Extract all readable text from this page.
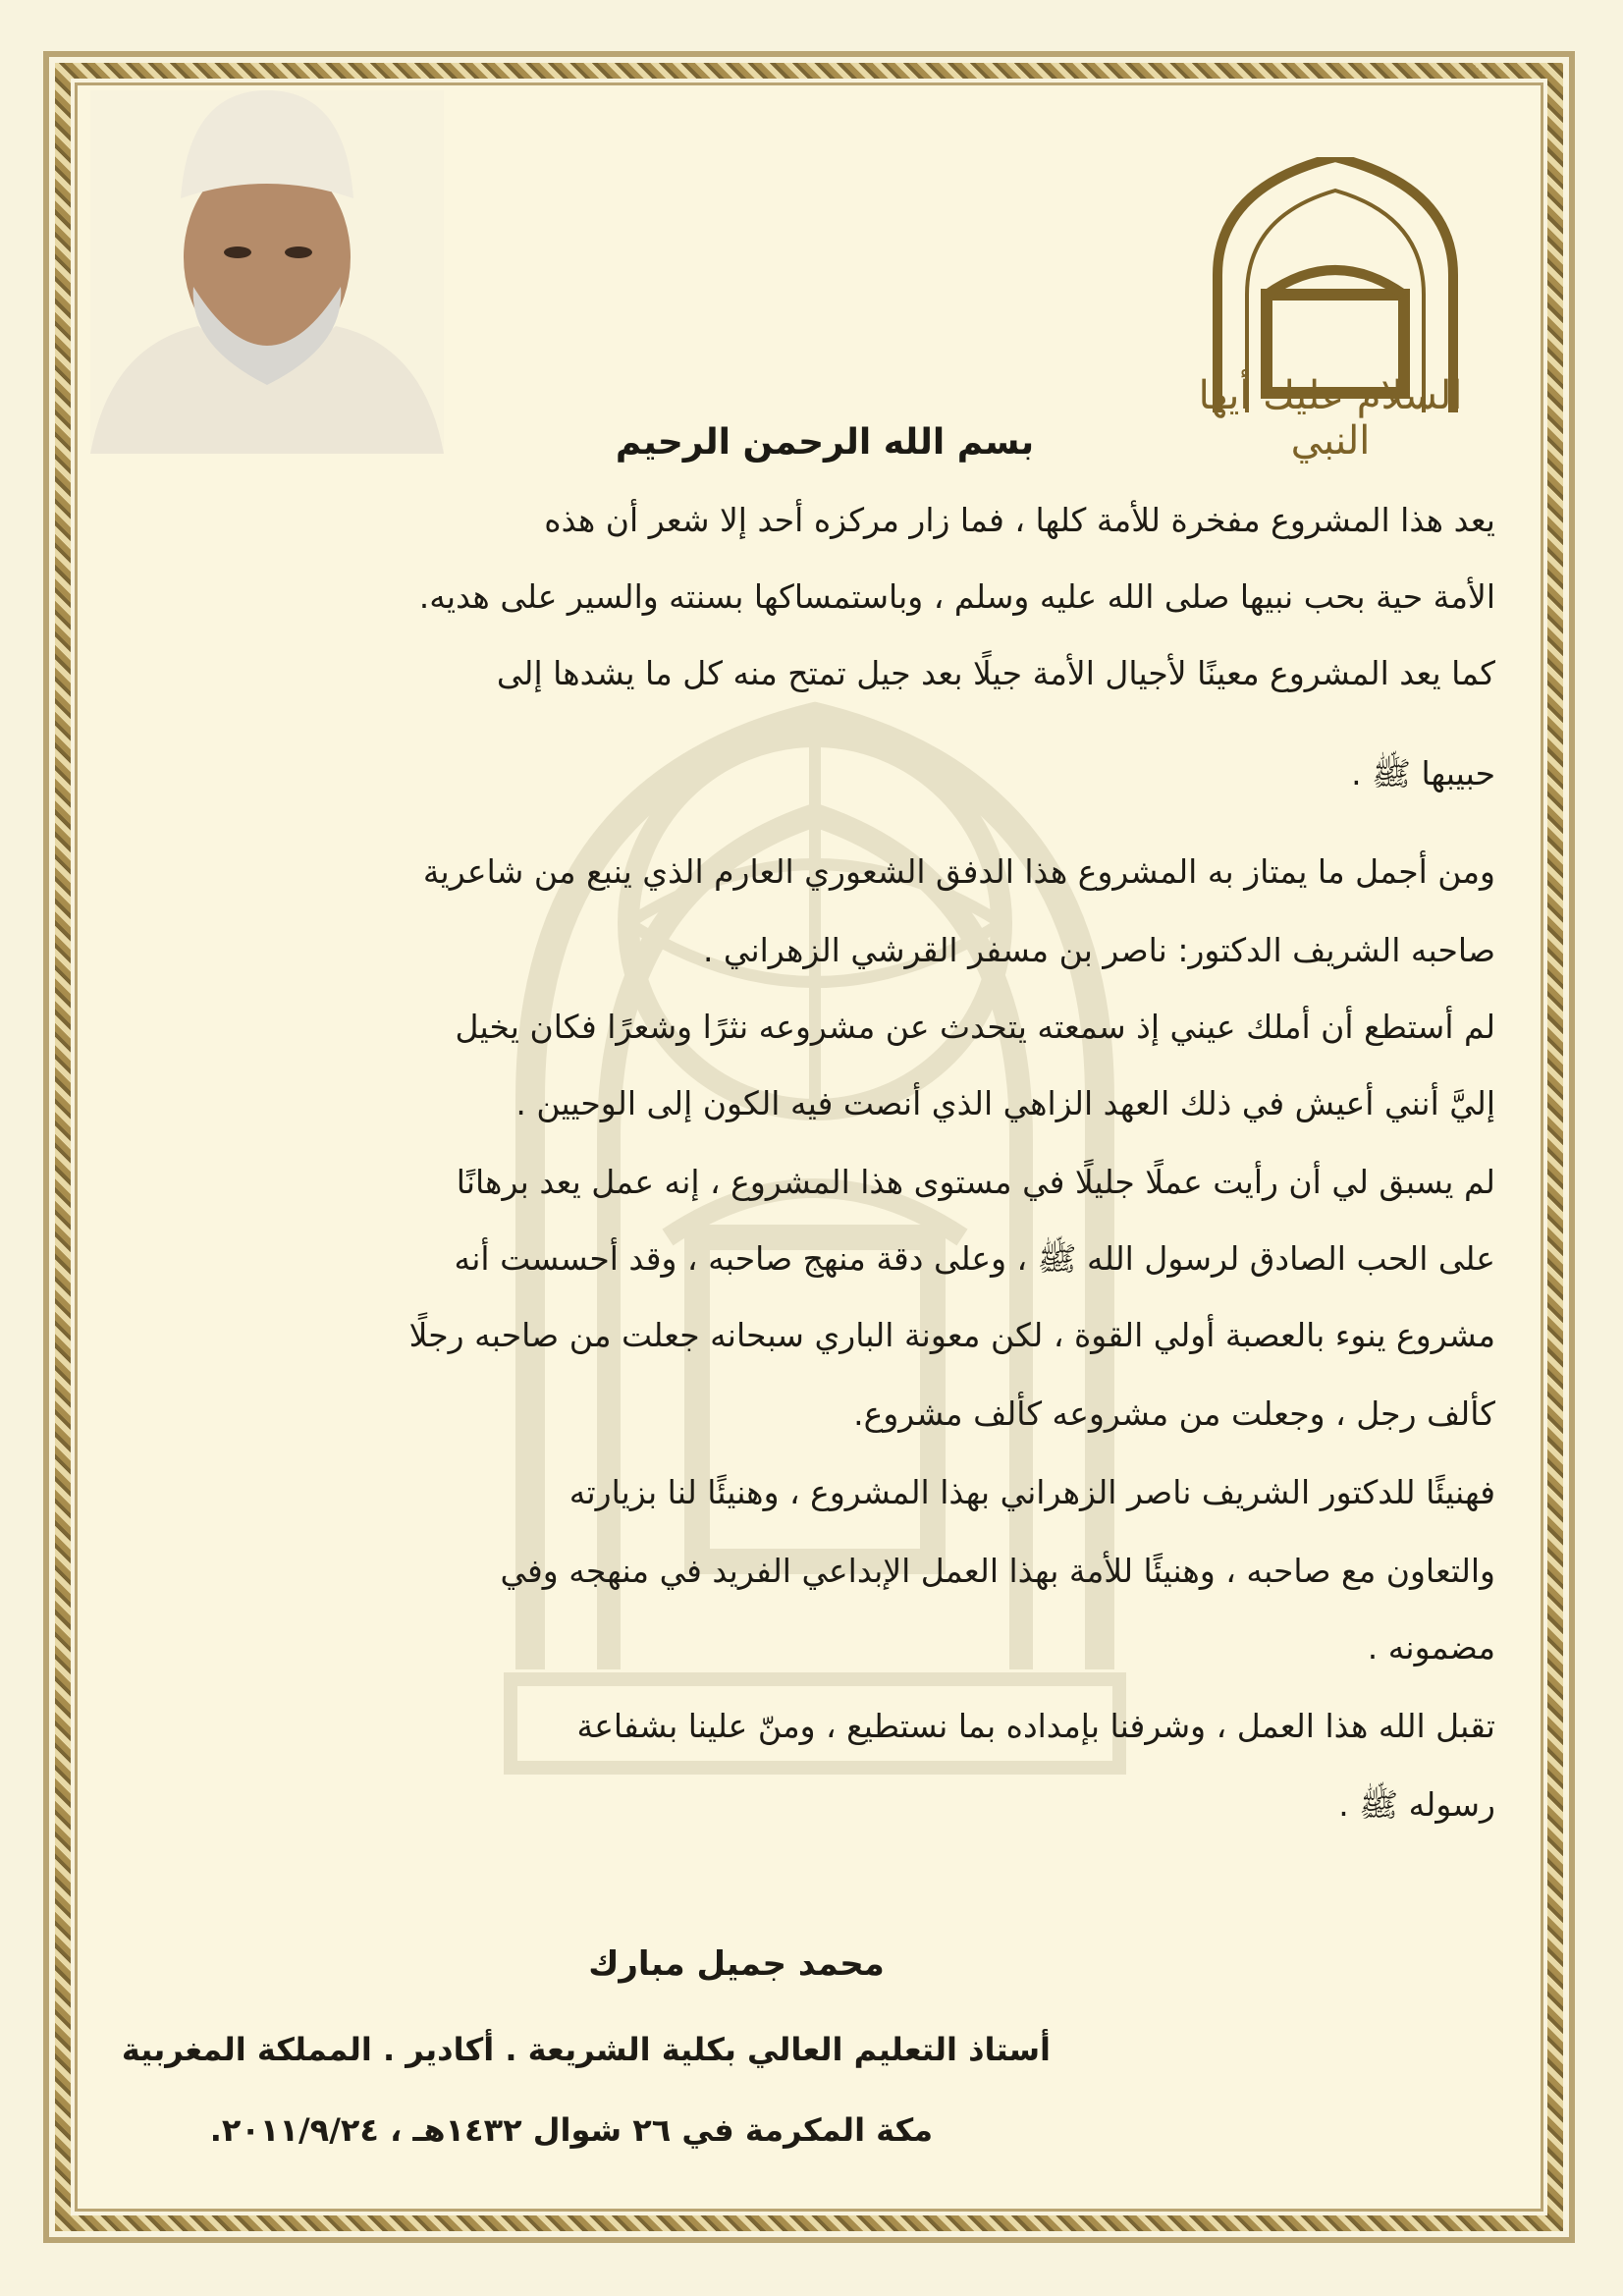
السلام عليك أيها النبي
بسم الله الرحمن الرحيم
يعد هذا المشروع مفخرة للأمة كلها ، فما زار مركزه أحد إلا شعر أن هذه
الأمة حية بحب نبيها صلى الله عليه وسلم ، وباستمساكها بسنته والسير على هديه.
كما يعد المشروع معينًا لأجيال الأمة جيلًا بعد جيل تمتح منه كل ما يشدها إلى
حبيبها ﷺ .
ومن أجمل ما يمتاز به المشروع هذا الدفق الشعوري العارم الذي ينبع من شاعرية
صاحبه الشريف الدكتور: ناصر بن مسفر القرشي الزهراني .
لم أستطع أن أملك عيني إذ سمعته يتحدث عن مشروعه نثرًا وشعرًا فكان يخيل
إليَّ أنني أعيش في ذلك العهد الزاهي الذي أنصت فيه الكون إلى الوحيين .
لم يسبق لي أن رأيت عملًا جليلًا في مستوى هذا المشروع ، إنه عمل يعد برهانًا
على الحب الصادق لرسول الله ﷺ ، وعلى دقة منهج صاحبه ، وقد أحسست أنه
مشروع ينوء بالعصبة أولي القوة ، لكن معونة الباري سبحانه جعلت من صاحبه رجلًا
كألف رجل ، وجعلت من مشروعه كألف مشروع.
فهنيئًا للدكتور الشريف ناصر الزهراني بهذا المشروع ، وهنيئًا لنا بزيارته
والتعاون مع صاحبه ، وهنيئًا للأمة بهذا العمل الإبداعي الفريد في منهجه وفي
مضمونه .
تقبل الله هذا العمل ، وشرفنا بإمداده بما نستطيع ، ومنّ علينا بشفاعة
رسوله ﷺ .
محمد جميل مبارك
أستاذ التعليم العالي بكلية الشريعة . أكادير . المملكة المغربية
مكة المكرمة في ٢٦ شوال ١٤٣٢هـ ، ٢٠١١/٩/٢٤.
